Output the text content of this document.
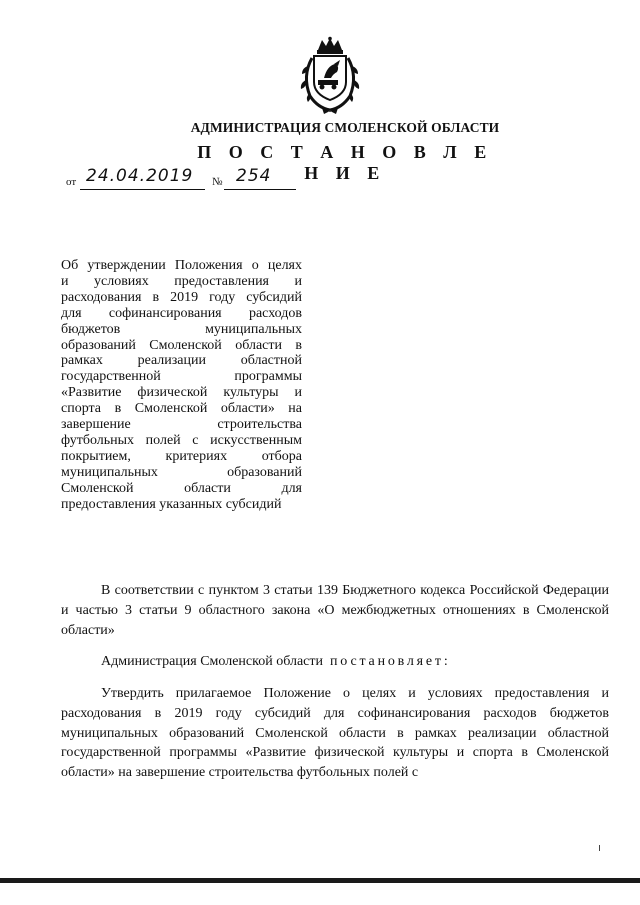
АДМИНИСТРАЦИЯ СМОЛЕНСКОЙ ОБЛАСТИ
П О С Т А Н О В Л Е Н И Е
от 24.04.2019 № 254
Об утверждении Положения о целях
и условиях предоставления и
расходования в 2019 году субсидий
для софинансирования расходов
бюджетов муниципальных
образований Смоленской области в
рамках реализации областной
государственной программы
«Развитие физической культуры и
спорта в Смоленской области» на
завершение строительства
футбольных полей с искусственным
покрытием, критериях отбора
муниципальных образований
Смоленской области для
предоставления указанных субсидий

В соответствии с пунктом 3 статьи 139 Бюджетного кодекса Российской Федерации и частью 3 статьи 9 областного закона «О межбюджетных отношениях в Смоленской области»

Администрация Смоленской области постановляет:

Утвердить прилагаемое Положение о целях и условиях предоставления и расходования в 2019 году субсидий для софинансирования расходов бюджетов муниципальных образований Смоленской области в рамках реализации областной государственной программы «Развитие физической культуры и спорта в Смоленской области» на завершение строительства футбольных полей с
